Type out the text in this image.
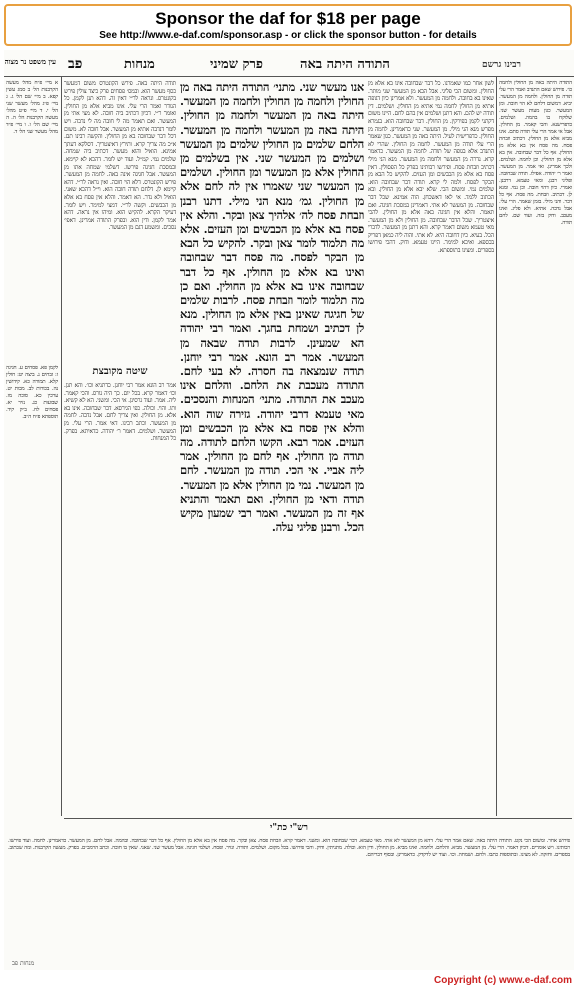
Sponsor the daf for $18 per page
See http://www.e-daf.com/sponsor.asp - or click the sponsor button - for details
עין משפט נר מצוה פב	מנחות	פרק שמיני	התודה היתה באה	רבינו גרשם
א מיי׳ פ״ח מהל׳ מעשה הקרבנות הל׳ ב סמג עשין קפא. ב מיי׳ שם הל׳ ג. ג מיי׳ פ״ג מהל׳ מעשר שני הל׳ י. ד מיי׳ פ״ט מהל׳ מעשה הקרבנות הל׳ ה. ה מיי׳ שם הל׳ ו. ו מיי׳ פ״ד מהל׳ מעשר שני הל׳ ד.
לקמן פא. פסחים ע. חגיגה ז: זבחים נ. ביצה יט: חולין קלא. תמורה כא. קידושין נה. בכורות לב. מכות יט. ערכין כא. סוכה מז. שבועות כג. נזיר יא. פסחים לח. ב״ק קיד. תוספתא פ״ח ה״ב.
תודה היתה באה. פירש הקונטרס משום דמעשר כסף מעשר הוא. ובמס׳ פסחים פרק כיצד צולין פירש בקונטרס. ונראה לר״י דאין זה. דהא תנן לקמן. כל הנודר ואמר הרי עלי. אינו מביא אלא מן החולין. ואומר ר״י. דכיון דכתיב ביה חובה. לא מצי אתי מן המעשר. ואם תאמר מה לי חובה מה לי נדבה. ויש לומר דנדבה אתיא מן המעשר. אבל חובה לא. משום דכל דבר שבחובה בא מן החולין. והקשה רבינו תם. א״כ מה צריך קרא. ותירץ דאיצטריך. דסלקא דעתך אמינא. הואיל והוא מעשר. דכתיב ביה שמחה. שלמים נמי. קמ״ל. ועוד יש לומר. דהכא לא קיימא. ובמסכת חגיגה פירשו. דשלמי שמחה אתו מן המעשר. אבל חגיגה אינה באה. לחמה מן המעשר. פירש הקונטרס. דלא הוי חובה. ואין נראה לר״י. דהא קיימא לן. דלחם תודה חובה הוא. וי״ל דהכא שאני. הואיל ולא נדר. הא דאמר. והלא אין פסח בא אלא מן הכבשים. וקשה לר״י. דמצי למימר. ויש לומר. דעיקר הקרא. להקיש הוא. ומיהו אין נראה. דהא אמר לקמן. ודין הוא. ובפרק התודה אמרינן. דאפי׳ נסכים. ומשמע דגם מן המעשר.
שיטה מקובצת
אמר רב הונא אמר רבי יוחנן. כדתניא וכו׳. והא תנן. וכו׳ דאמר קרא. בכל יום. כך היה גורס. והכי קאמר. ליה. אמר. ועוד גרסינן. אי הכי. ומשני. הא לא קשיא. ותו. והוי. וכולה. כפי הגירסא. דבר שבחובה. אינו בא אלא. מן החולין. ואין צריך לחם. אבל נדבה. לחמה מן המעשר. וכתב רבינו. דאי אמר. הרי עלי. מן המעשר. ושלמים. דאמר ר׳ יהודה. כדאיתא. בפרק. כל המנחות.
אנו מעשר שני. מתני׳ התודה היתה באה מן החולין ולחמה מן החולין ולחמה מן המעשר. היתה באה מן המעשר ולחמה מן החולין. היתה באה מן המעשר ולחמה מן המעשר. הלחם שלמים מן החולין שלמים מן המעשר ושלמים מן המעשר שני. אין בשלמים מן החולין אלא מן המעשר ומן החולין. ושלמים מן המעשר שני שאמרו אין לה לחם אלא מן החולין. גמ׳ מנא הני מילי. דתנו רבנן וזבחת פסח לה׳ אלהיך צאן ובקר. והלא אין פסח בא אלא מן הכבשים ומן העזים. אלא מה תלמוד לומר צאן ובקר. להקיש כל הבא מן הבקר לפסח. מה פסח דבר שבחובה ואינו בא אלא מן החולין. אף כל דבר שבחובה אינו בא אלא מן החולין. ואם כן מה תלמוד לומר וזבחת פסח. לרבות שלמים של חגיגה שאינן באין אלא מן החולין. מנא לן דכתיב ושמחת בחגך. ואמר רבי יהודה הא שמעינן. לרבות תודה שבאה מן המעשר. אמר רב הונא. אמר רבי יוחנן. תודה שנמצאה בה חסרה. לא בעי לחם. התודה מעכבת את הלחם. והלחם אינו מעכב את התודה. מתני׳ המנחות והנסכים. מאי טעמא דרבי יהודה. גזירה שוה הוא. והלא אין פסח בא אלא מן הכבשים ומן העזים. אמר רבא. הקשו הלחם לתודה. מה תודה מן החולין. אף לחם מן החולין. אמר ליה אביי. אי הכי. תודה מן המעשר. לחם מן המעשר. נמי מן החולין אלא מן המעשר. תודה ודאי מן החולין. ואם תאמר והתניא אף זה מן המעשר. ואמר רבי שמעון מקיש הכל. ורבנן פליגי עלה.
לשון אחר כמו שאמרנו. כל דבר שבחובה אינו בא אלא מן החולין. ומשום הכי פליגי. אבל הבא מן המעשר שני מותר. שאינו בא בחובה. ולחמה מן המעשר. ולא אמרינן כיון דגופה אתיא מן החולין לחמה נמי אתיא מן החולין. ושלמים. דין תודה יש להם. והא דתנן ושלמים אין בהם לחם. היינו משום דקתני לקמן בפירקין. מן החולין. דבר שבחובה הוא. בגמרא מפרש מנא הני מילי. מן המעשר. שני כדאמרינן. לחמה מן החולין. כדפרישית לעיל. היתה באה מן המעשר. כגון שאמר הרי עלי תודה מן המעשר. לחמה מן החולין. שהרי לא התנדב אלא בגופה של תודה. לחמה מן המעשר. כדאמר קרא. נדרה מן המעשר ולחמה מן המעשר. מנא הני מילי דכתיב וזבחת פסח. ופירשו רבותינו בפרק כל הפסולין. דאין פסח בא אלא מן הכבשים ומן העזים. להקיש כל הבא מן הבקר לפסח. ולמה לי קרא. תודה דבר שבחובה הוא. שלמים נמי. ומשום הכי. שלא יבא אלא מן החולין. ובא הכתוב ללמד. אי לאו דאשכחן. הוה אמינא. שכל דבר שבחובה. מן המעשר לא אתי. דאמרינן במסכת חגיגה. ואם תאמר. והלא אין חגיגה באה אלא מן החולין. להכי איצטריך. שכל הדבר שבחובה. מן החולין ולא מן המעשר. מאי טעמא משום דאמר קרא. והא דתנן מן המעשר. לדברי הכל. בעיא. כיון דחובה היא. לא אתי. והוה ליה כמאן דפריק בכספא. ואיכא למימר. היינו טעמא. ודוק. דהכי פירושו בספרים. ומצינו בתוספתא.
התודה היתה באה מן החולין ולחמה כו׳. פירוש שאם התנדב ואמר הרי עלי תודה מן החולין. ולחמה מן המעשר. יביא. דמשום דלחם לא הוי חובה. ומן המעשר. כגון מעות מעשר שני. שלוקח בו בהמה. ושלמים. כדפרישנא. והכי קאמר. מן החולין. אבל אי אמר הרי עלי תודה סתם. אינו מביא אלא מן החולין. דכתיב וזבחת פסח. מה פסח אין בא אלא מן החולין. אף כל דבר שבחובה. אין בא אלא מן החולין. וכן לחמה. ושלמים. ולכך אמרינן. ואי אמר. מן המעשר. ואמר ר׳ יהודה. אפילו. תודה שבחובה. ופליגי רבנן. ומאי טעמא. דרבנן. ואמרי. כיון דהוי חובה. וכן נמי. ומנא לן. דכתיב. וזבחת. מה פסח. אף כל דבר. והני מילי. בזמן שאמר. הרי עלי. אבל נדבה. אתיא. ולא פליג. ואינו מעכב. ודוק בזה. ועוד שם. לחם תודה.
רש"י כת"י
פירוש אחר. ומשום הכי נקט. התודה היתה באה. שאם אמר הרי עלי. דהא מן המעשר לא אתי. מאי טעמא. דבר שבחובה הוא. ומשני. דאמר קרא. וזבחת פסח. צאן ובקר. מה פסח אין בא אלא מן החולין. אף כל דבר שבחובה. ובהמה. אבל לחם. מן המעשר. כדאמרינן. לחמה. ועוד פירשו. רבותינו. ויש אומרים. דכיון דאמר. הרי עלי. מן המעשר. מביא. והלחם. ולחמה. ואינו מביא. מן החולין. ודין הוא. וכולה. מתניתין. ודוק. והכי פירושו. בכל מקום. ושלמים. ותודה. ונזיר. ופסח. ושלמי חגיגה. אבל מעשר שני. שאני. שאין בו חובה. וכתב הרמב״ם. בפרק. מעשה הקרבנות. ומה שכתוב. בספרים. וחזקה. לא מצינו. ובתוספות כתבו. ולחם. ושמחה. וכו׳. ועוד יש לדקדק. כדאמרינן. ובסוף דבריהם.
מנחות פב
Copyright (c) www.e-daf.com
